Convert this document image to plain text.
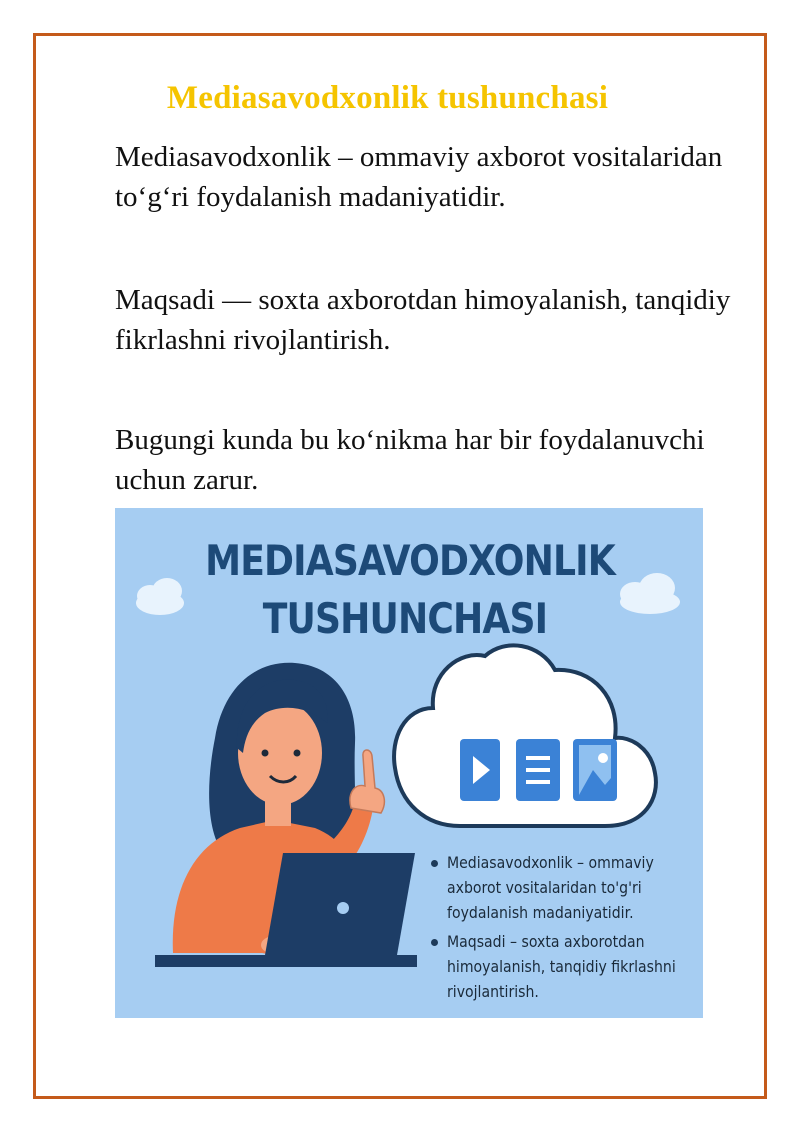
Mediasavodxonlik tushunchasi
Mediasavodxonlik – ommaviy axborot vositalaridan to‘g‘ri foydalanish madaniyatidir.
Maqsadi — soxta axborotdan himoyalanish, tanqidiy fikrlashni rivojlantirish.
Bugungi kunda bu ko‘nikma har bir foydalanuvchi uchun zarur.
MEDIASAVODXONLIK
TUSHUNCHASI
Mediasavodxonlik – ommaviy axborot vositalaridan to'g'ri foydalanish madaniyatidir.
Maqsadi – soxta axborotdan himoyalanish, tanqidiy fikrlashni rivojlantirish.
